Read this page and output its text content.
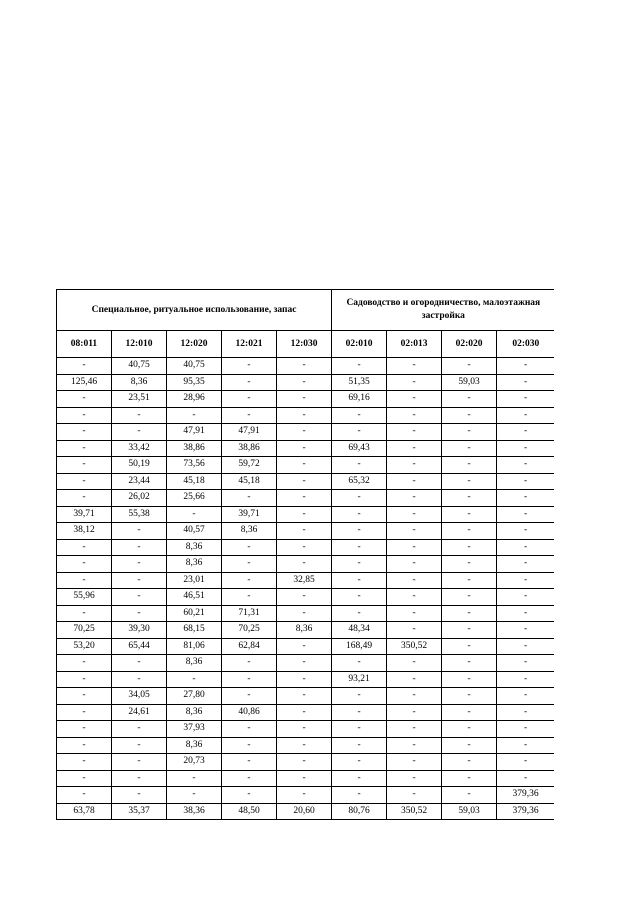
Специальное, ритуальное использование, запас					Садоводство и огородничество, малоэтажная застройка			
08:011	12:010	12:020	12:021	12:030	02:010	02:013	02:020	02:030
-	40,75	40,75	-	-	-	-	-	-
125,46	8,36	95,35	-	-	51,35	-	59,03	-
-	23,51	28,96	-	-	69,16	-	-	-
-	-	-	-	-	-	-	-	-
-	-	47,91	47,91	-	-	-	-	-
-	33,42	38,86	38,86	-	69,43	-	-	-
-	50,19	73,56	59,72	-	-	-	-	-
-	23,44	45,18	45,18	-	65,32	-	-	-
-	26,02	25,66	-	-	-	-	-	-
39,71	55,38	-	39,71	-	-	-	-	-
38,12	-	40,57	8,36	-	-	-	-	-
-	-	8,36	-	-	-	-	-	-
-	-	8,36	-	-	-	-	-	-
-	-	23,01	-	32,85	-	-	-	-
55,96	-	46,51	-	-	-	-	-	-
-	-	60,21	71,31	-	-	-	-	-
70,25	39,30	68,15	70,25	8,36	48,34	-	-	-
53,20	65,44	81,06	62,84	-	168,49	350,52	-	-
-	-	8,36	-	-	-	-	-	-
-	-	-	-	-	93,21	-	-	-
-	34,05	27,80	-	-	-	-	-	-
-	24,61	8,36	40,86	-	-	-	-	-
-	-	37,93	-	-	-	-	-	-
-	-	8,36	-	-	-	-	-	-
-	-	20,73	-	-	-	-	-	-
-	-	-	-	-	-	-	-	-
-	-	-	-	-	-	-	-	379,36
63,78	35,37	38,36	48,50	20,60	80,76	350,52	59,03	379,36
